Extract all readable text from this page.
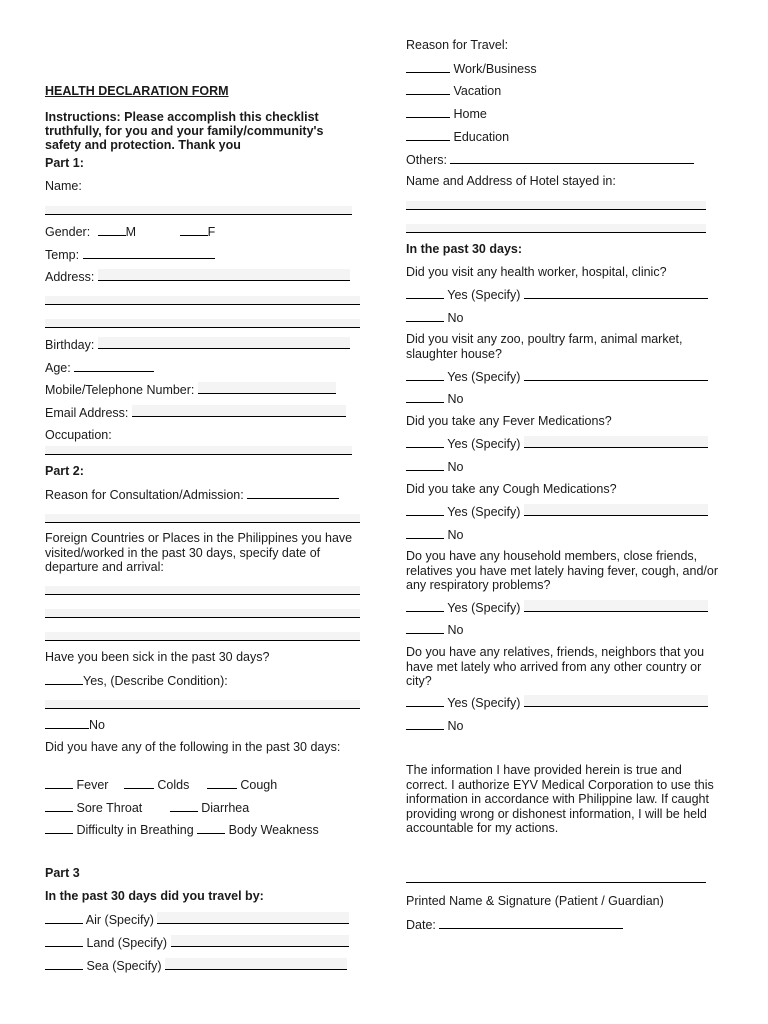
HEALTH DECLARATION FORM
Instructions: Please accomplish this checklist truthfully, for you and your family/community's safety and protection. Thank you
Part 1:
Name:
Gender:	M	F
Temp:
Address:
Birthday:
Age:
Mobile/Telephone Number:
Email Address:
Occupation:
Part 2:
Reason for Consultation/Admission:
Foreign Countries or Places in the Philippines you have visited/worked in the past 30 days, specify date of departure and arrival:
Have you been sick in the past 30 days?
Yes, (Describe Condition):
No
Did you have any of the following in the past 30 days:
Fever	Colds	Cough
Sore Throat	Diarrhea
Difficulty in Breathing	Body Weakness
Part 3
In the past 30 days did you travel by:
Air (Specify)
Land (Specify)
Sea (Specify)
Reason for Travel:
Work/Business
Vacation
Home
Education
Others:
Name and Address of Hotel stayed in:
In the past 30 days:
Did you visit any health worker, hospital, clinic?
Yes (Specify)
No
Did you visit any zoo, poultry farm, animal market, slaughter house?
Yes (Specify)
No
Did you take any Fever Medications?
Yes (Specify)
No
Did you take any Cough Medications?
Yes (Specify)
No
Do you have any household members, close friends, relatives you have met lately having fever, cough, and/or any respiratory problems?
Yes (Specify)
No
Do you have any relatives, friends, neighbors that you have met lately who arrived from any other country or city?
Yes (Specify)
No
The information I have provided herein is true and correct. I authorize EYV Medical Corporation to use this information in accordance with Philippine law. If caught providing wrong or dishonest information, I will be held accountable for my actions.
Printed Name & Signature (Patient / Guardian)
Date:
